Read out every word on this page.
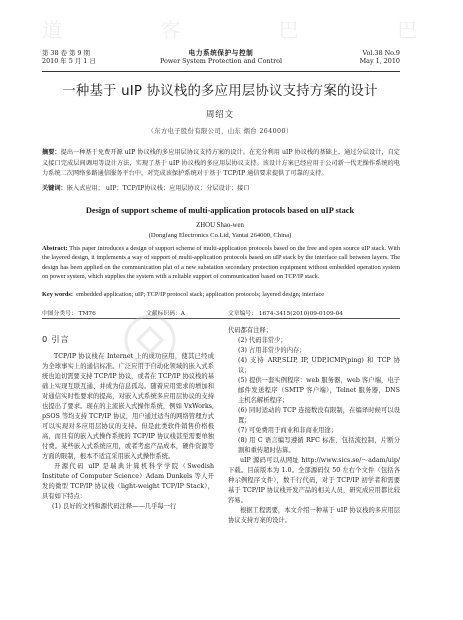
第 38 卷 第 9 期
2010 年 5 月 1 日
电力系统保护与控制
Power System Protection and Control
Vol.38 No.9
May 1, 2010
道 客 巴 巴
一种基于 uIP 协议栈的多应用层协议支持方案的设计
周绍文
（东方电子股份有限公司，山东 烟台 264000）
摘要：提出一种基于免费开源 uIP 协议栈的多应用层协议支持方案的设计。在充分利用 uIP 协议栈的基础上，通过分层设计，自定义接口完成层间调用等设计方法，实现了基于 uIP 协议栈的多应用层协议支持。该设计方案已经应用于公司新一代无操作系统的电力系统二次网络多路通信服务平台中，对完成该保护系统对于基于 TCP/IP 通信要求提供了可靠的支持。
关键词：嵌入式应用； uIP；TCP/IP协议栈；应用层协议；分层设计；接口
Design of support scheme of multi-application protocols based on uIP stack
ZHOU Shao-wen
(Dongfang Electronics Co.Ltd, Yantai 264000, China)
Abstract: This paper introduces a design of support scheme of multi-application protocols based on the free and open source uIP stack. With the layered design, it implements a way of support of multi-application protocols based on uIP stack by the interface call between layers. The design has been applied on the communication plat of a new substation secondary protection equipment without embedded operation system on power system, which supplies the system with a reliable support of communication based on TCP/IP stack.
Key words: embedded application; uIP; TCP/IP protocol stack; application protocols; layered design; interface
中图分类号： TM76	文献标识码：A	文章编号： 1674-3415(2010)09-0109-04
0 引言

TCP/IP 协议栈在 Internet 上的成功应用，使其已经成为全球事实上的通信标准。广泛应用于自动化领域的嵌入式系统也迫切需要支持 TCP/IP 协议，或者在 TCP/IP 协议栈的基础上实现互联互通、并成为信息孤岛。随着应用需求的增加和对通信实时性要求的提高，对嵌入式系统多应用层协议的支持也提出了要求。现在的主流嵌入式操作系统，例如 VxWorks, pSOS 等均支持 TCP/IP 协议，用户通过适当的网络管理方式可以实现对多应用层协议的支持。但是此类软件销售价格极高，而且有的嵌入式操作系统的 TCP/IP 协议栈甚至需要单独付费。某些嵌入式系统应用，或者考虑产品成本，硬件资源等方面的限制，根本不适宜采用嵌入式操作系统。

开源代码 uIP 是瑞典计算机科学学院（Swedish Institute of Computer Science）Adam Dunkels 等人开发的微型 TCP/IP 协议栈（light-weight TCP/IP Stack），具有如下特点：

(1) 良好的文档和源代码注释——几乎每一行

代码都有注释；

(2) 代码非常少；

(3) 占用非常少的内存；

(4) 支持 ARP,SLIP, IP, UDP,ICMP(ping) 和 TCP 协议；

(5) 提供一套实例程序：web 服务器，web 客户端，电子邮件发送程序（SMTP 客户端），Telnet 服务器，DNS 主机名解析程序；

(6) 同时适动的 TCP 连接数没有限制，在编译时候可以设置；

(7) 可免费用于商业和非商业用途；

(8) 用 C 语言编写遵循 RFC 标准，包括流控制，片断分割和重传超时估算。

uIP 源码可以从网址 http://www.sics.se/～adam/uip/下载。目前版本为 1.0。全部源码仅 50 左右个文件（包括各种示例程序文件），数千行代码，对于 TCP/IP 初学者和需要基于 TCP/IP 协议栈开发产品的相关人员，研究成应用都比较容易。

根据工程需要，本文介绍一种基于 uIP 协议栈的多应用层协议支持方案的设计。
